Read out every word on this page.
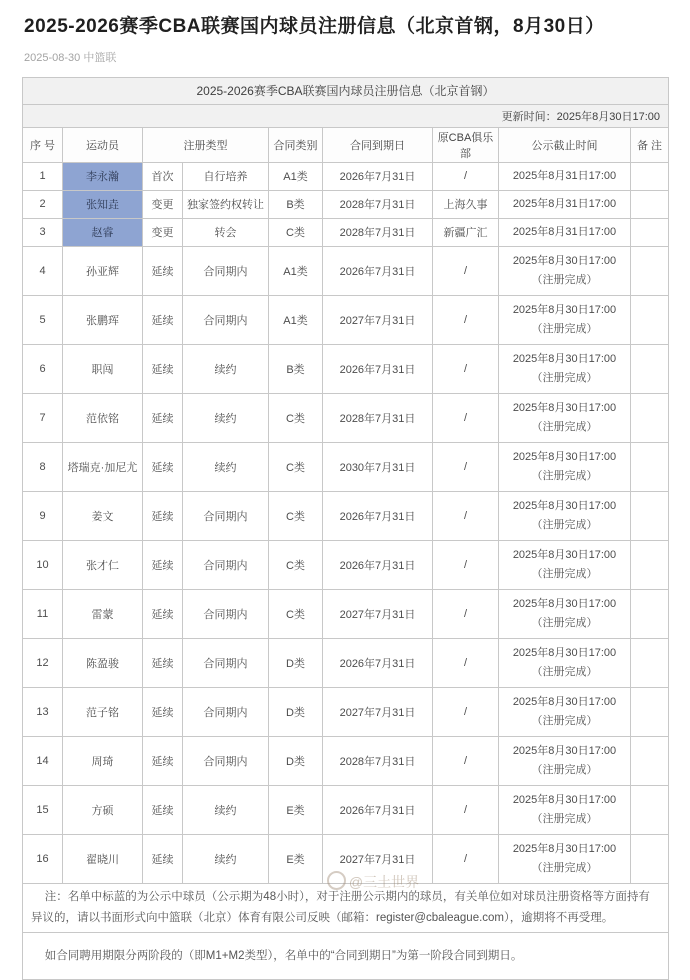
2025-2026赛季CBA联赛国内球员注册信息（北京首钢，8月30日）
2025-08-30 中篮联
2025-2026赛季CBA联赛国内球员注册信息（北京首钢）								
更新时间：2025年8月30日17:00								
序 号	运动员	注册类型		合同类别	合同到期日	原CBA俱乐部	公示截止时间	备 注
1	李永瀚	首次	自行培养	A1类	2026年7月31日	/	2025年8月31日17:00	

2	张知垚	变更	独家签约权转让	B类	2028年7月31日	上海久事	2025年8月31日17:00	

3	赵睿	变更	转会	C类	2028年7月31日	新疆广汇	2025年8月31日17:00	

4	孙亚辉	延续	合同期内	A1类	2026年7月31日	/	2025年8月30日17:00
（注册完成）	

5	张鹏珲	延续	合同期内	A1类	2027年7月31日	/	2025年8月30日17:00
（注册完成）	

6	职闯	延续	续约	B类	2026年7月31日	/	2025年8月30日17:00
（注册完成）	

7	范依铭	延续	续约	C类	2028年7月31日	/	2025年8月30日17:00
（注册完成）	

8	塔瑞克·加尼尤	延续	续约	C类	2030年7月31日	/	2025年8月30日17:00
（注册完成）	

9	姜文	延续	合同期内	C类	2026年7月31日	/	2025年8月30日17:00
（注册完成）	

10	张才仁	延续	合同期内	C类	2026年7月31日	/	2025年8月30日17:00
（注册完成）	

11	雷蒙	延续	合同期内	C类	2027年7月31日	/	2025年8月30日17:00
（注册完成）	

12	陈盈骏	延续	合同期内	D类	2026年7月31日	/	2025年8月30日17:00
（注册完成）	

13	范子铭	延续	合同期内	D类	2027年7月31日	/	2025年8月30日17:00
（注册完成）	

14	周琦	延续	合同期内	D类	2028年7月31日	/	2025年8月30日17:00
（注册完成）	

15	方硕	延续	续约	E类	2026年7月31日	/	2025年8月30日17:00
（注册完成）	

16	翟晓川	延续	续约	E类	2027年7月31日	/	2025年8月30日17:00
（注册完成）	

注：名单中标蓝的为公示中球员（公示期为48小时），对于注册公示期内的球员，有关单位如对球员注册资格等方面持有异议的，请以书面形式向中篮联（北京）体育有限公司反映（邮箱：register@cbaleague.com），逾期将不再受理。								

如合同聘用期限分两阶段的（即M1+M2类型），名单中的“合同到期日”为第一阶段合同到期日。								
@三土世界
